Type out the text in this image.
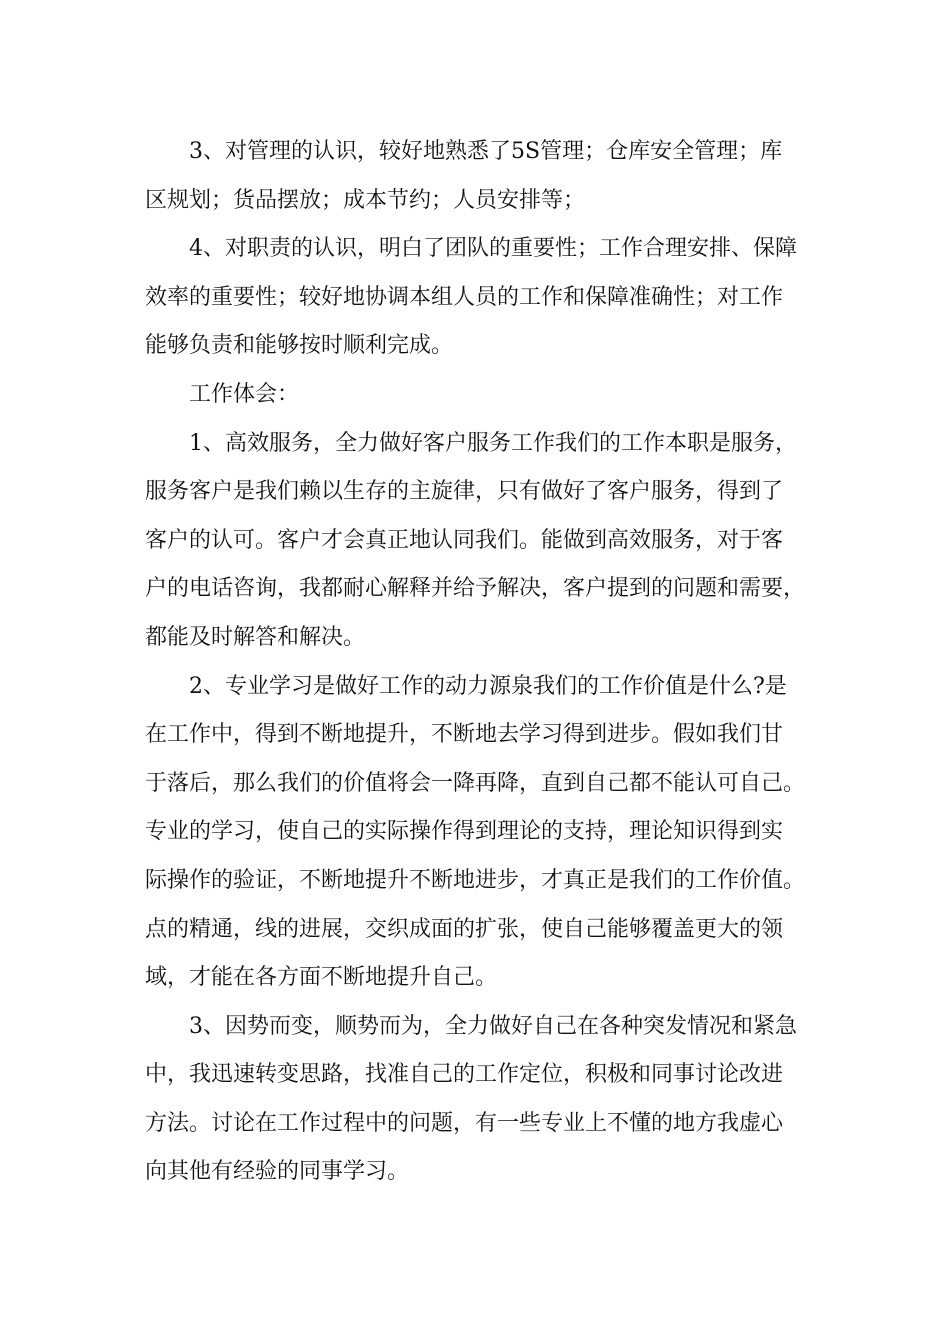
3、对管理的认识，较好地熟悉了5S管理；仓库安全管理；库
区规划；货品摆放；成本节约；人员安排等；
4、对职责的认识，明白了团队的重要性；工作合理安排、保障
效率的重要性；较好地协调本组人员的工作和保障准确性；对工作
能够负责和能够按时顺利完成。
工作体会：
1、高效服务，全力做好客户服务工作我们的工作本职是服务，
服务客户是我们赖以生存的主旋律，只有做好了客户服务，得到了
客户的认可。客户才会真正地认同我们。能做到高效服务，对于客
户的电话咨询，我都耐心解释并给予解决，客户提到的问题和需要，
都能及时解答和解决。
2、专业学习是做好工作的动力源泉我们的工作价值是什么?是
在工作中，得到不断地提升，不断地去学习得到进步。假如我们甘
于落后，那么我们的价值将会一降再降，直到自己都不能认可自己。
专业的学习，使自己的实际操作得到理论的支持，理论知识得到实
际操作的验证，不断地提升不断地进步，才真正是我们的工作价值。
点的精通，线的进展，交织成面的扩张，使自己能够覆盖更大的领
域，才能在各方面不断地提升自己。
3、因势而变，顺势而为，全力做好自己在各种突发情况和紧急
中，我迅速转变思路，找准自己的工作定位，积极和同事讨论改进
方法。讨论在工作过程中的问题，有一些专业上不懂的地方我虚心
向其他有经验的同事学习。
